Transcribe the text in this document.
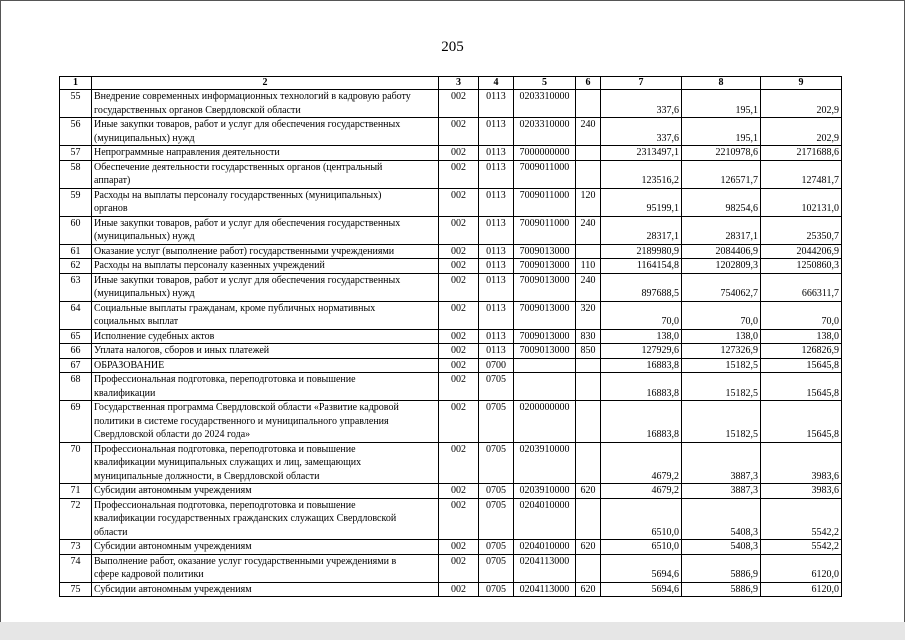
205
1	2	3	4	5	6	7	8	9
55	Внедрение современных информационных технологий в кадровую работу
государственных органов Свердловской области	002	0113	0203310000		337,6	195,1	202,9
56	Иные закупки товаров, работ и услуг для обеспечения государственных
(муниципальных) нужд	002	0113	0203310000	240	337,6	195,1	202,9
57	Непрограммные направления деятельности	002	0113	7000000000		2313497,1	2210978,6	2171688,6
58	Обеспечение деятельности государственных органов (центральный
аппарат)	002	0113	7009011000		123516,2	126571,7	127481,7
59	Расходы на выплаты персоналу государственных (муниципальных)
органов	002	0113	7009011000	120	95199,1	98254,6	102131,0
60	Иные закупки товаров, работ и услуг для обеспечения государственных
(муниципальных) нужд	002	0113	7009011000	240	28317,1	28317,1	25350,7
61	Оказание услуг (выполнение работ) государственными учреждениями	002	0113	7009013000		2189980,9	2084406,9	2044206,9
62	Расходы на выплаты персоналу казенных учреждений	002	0113	7009013000	110	1164154,8	1202809,3	1250860,3
63	Иные закупки товаров, работ и услуг для обеспечения государственных
(муниципальных) нужд	002	0113	7009013000	240	897688,5	754062,7	666311,7
64	Социальные выплаты гражданам, кроме публичных нормативных
социальных выплат	002	0113	7009013000	320	70,0	70,0	70,0
65	Исполнение судебных актов	002	0113	7009013000	830	138,0	138,0	138,0
66	Уплата налогов, сборов и иных платежей	002	0113	7009013000	850	127929,6	127326,9	126826,9
67	ОБРАЗОВАНИЕ	002	0700			16883,8	15182,5	15645,8
68	Профессиональная подготовка, переподготовка и повышение
квалификации	002	0705			16883,8	15182,5	15645,8
69	Государственная программа Свердловской области «Развитие кадровой
политики в системе государственного и муниципального управления
Свердловской области до 2024 года»	002	0705	0200000000		16883,8	15182,5	15645,8
70	Профессиональная подготовка, переподготовка и повышение
квалификации муниципальных служащих и лиц, замещающих
муниципальные должности, в Свердловской области	002	0705	0203910000		4679,2	3887,3	3983,6
71	Субсидии автономным учреждениям	002	0705	0203910000	620	4679,2	3887,3	3983,6
72	Профессиональная подготовка, переподготовка и повышение
квалификации государственных гражданских служащих Свердловской
области	002	0705	0204010000		6510,0	5408,3	5542,2
73	Субсидии автономным учреждениям	002	0705	0204010000	620	6510,0	5408,3	5542,2
74	Выполнение работ, оказание услуг государственными учреждениями в
сфере кадровой политики	002	0705	0204113000		5694,6	5886,9	6120,0
75	Субсидии автономным учреждениям	002	0705	0204113000	620	5694,6	5886,9	6120,0
